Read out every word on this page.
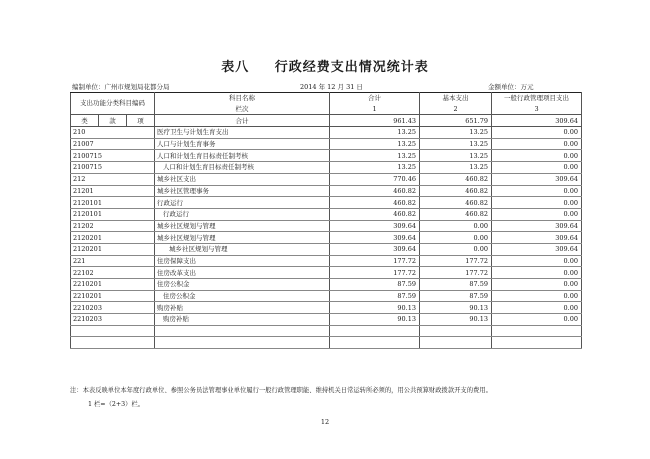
表八 行政经费支出情况统计表
编制单位：广州市规划局花都分局	2014 年 12 月 31 日	金额单位：万元
支出功能分类科目编码			科目名称	合计	基本支出	一般行政管理项目支出
			栏次	1	2	3
类	款	项	合计	961.43	651.79	309.64
210			医疗卫生与计划生育支出	13.25	13.25	0.00
21007			人口与计划生育事务	13.25	13.25	0.00
2100715			人口和计划生育目标责任制考核	13.25	13.25	0.00
2100715			人口和计划生育目标责任制考核	13.25	13.25	0.00
212			城乡社区支出	770.46	460.82	309.64
21201			城乡社区管理事务	460.82	460.82	0.00
2120101			行政运行	460.82	460.82	0.00
2120101			行政运行	460.82	460.82	0.00
21202			城乡社区规划与管理	309.64	0.00	309.64
2120201			城乡社区规划与管理	309.64	0.00	309.64
2120201			城乡社区规划与管理	309.64	0.00	309.64
221			住房保障支出	177.72	177.72	0.00
22102			住房改革支出	177.72	177.72	0.00
2210201			住房公积金	87.59	87.59	0.00
2210201			住房公积金	87.59	87.59	0.00
2210203			购房补贴	90.13	90.13	0.00
2210203			购房补贴	90.13	90.13	0.00

注：本表反映单位本年度行政单位、参照公务员法管理事业单位履行一般行政管理职能、维持机关日常运转所必须的，用公共预算财政拨款开支的费用。
1 栏=（2+3）栏。
12
